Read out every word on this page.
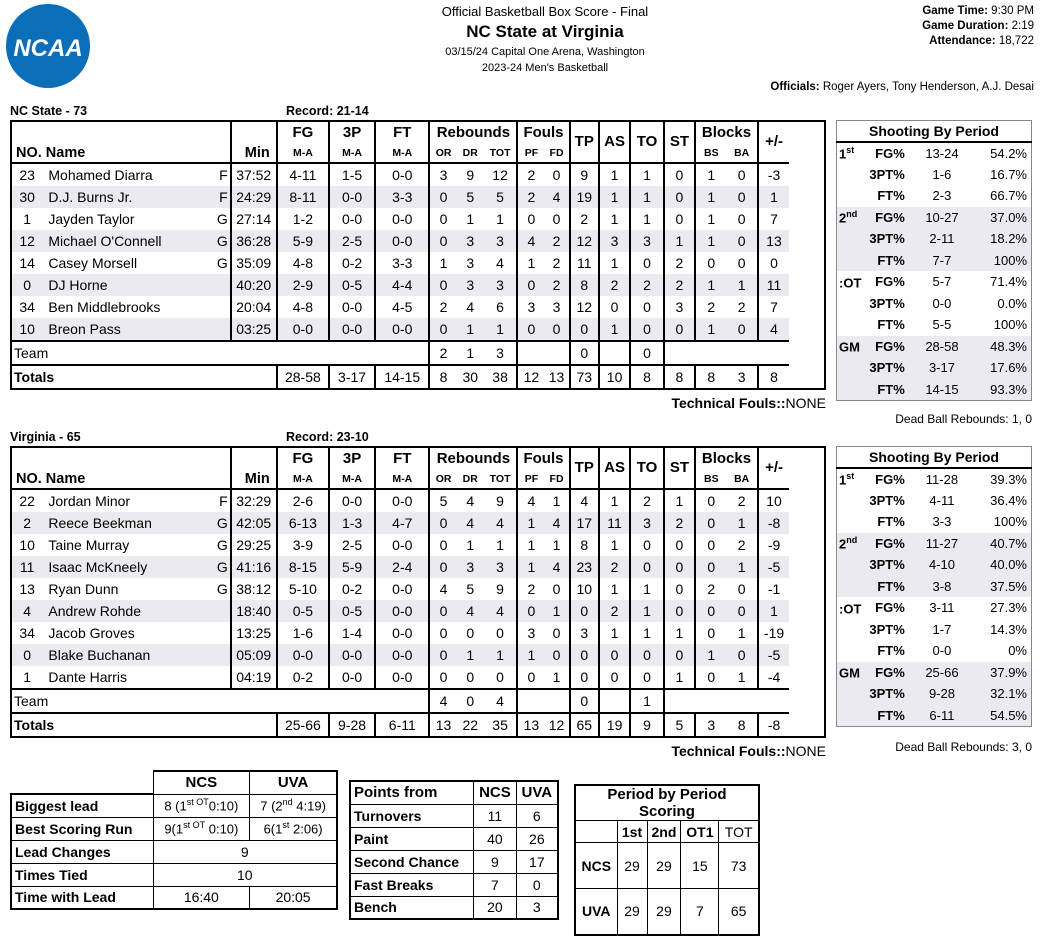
NCAA
Official Basketball Box Score - Final
NC State at Virginia
03/15/24 Capital One Arena, Washington
2023-24 Men's Basketball
Game Time: 9:30 PM
Game Duration: 2:19
Attendance: 18,722
Officials: Roger Ayers, Tony Henderson, A.J. Desai
NC State - 73	Record: 21-14
			FG	3P	FT	Rebounds			Fouls		TP	AS	TO	ST	Blocks		+/-
NO. Name		Min	M-A	M-A	M-A	OR	DR	TOT	PF	FD					BS	BA	
23	Mohamed Diarra F	37:52	4-11	1-5	0-0	3	9	12	2	0	9	1	1	0	1	0	-3
30	D.J. Burns Jr. F	24:29	8-11	0-0	3-3	0	5	5	2	4	19	1	1	0	1	0	1
1	Jayden Taylor G	27:14	1-2	0-0	0-0	0	1	1	0	0	2	1	1	0	1	0	7
12	Michael O'Connell G	36:28	5-9	2-5	0-0	0	3	3	4	2	12	3	3	1	1	0	13
14	Casey Morsell G	35:09	4-8	0-2	3-3	1	3	4	1	2	11	1	0	2	0	0	0
0	DJ Horne	40:20	2-9	0-5	4-4	0	3	3	0	2	8	2	2	2	1	1	11
34	Ben Middlebrooks	20:04	4-8	0-0	4-5	2	4	6	3	3	12	0	0	3	2	2	7
10	Breon Pass	03:25	0-0	0-0	0-0	0	1	1	0	0	0	1	0	0	1	0	4
Team						2	1	3			0		0				
Totals			28-58	3-17	14-15	8	30	38	12	13	73	10	8	8	8	3	8
Technical Fouls::NONE
Shooting By Period			
1st	FG%	13-24	54.2%
	3PT%	1-6	16.7%
	FT%	2-3	66.7%
2nd	FG%	10-27	37.0%
	3PT%	2-11	18.2%
	FT%	7-7	100%
:OT	FG%	5-7	71.4%
	3PT%	0-0	0.0%
	FT%	5-5	100%
GM	FG%	28-58	48.3%
	3PT%	3-17	17.6%
	FT%	14-15	93.3%
Dead Ball Rebounds: 1, 0
Virginia - 65	Record: 23-10
			FG	3P	FT	Rebounds			Fouls		TP	AS	TO	ST	Blocks		+/-
NO. Name		Min	M-A	M-A	M-A	OR	DR	TOT	PF	FD					BS	BA	
22	Jordan Minor F	32:29	2-6	0-0	0-0	5	4	9	4	1	4	1	2	1	0	2	10
2	Reece Beekman G	42:05	6-13	1-3	4-7	0	4	4	1	4	17	11	3	2	0	1	-8
10	Taine Murray G	29:25	3-9	2-5	0-0	0	1	1	1	1	8	1	0	0	0	2	-9
11	Isaac McKneely G	41:16	8-15	5-9	2-4	0	3	3	1	4	23	2	0	0	0	1	-5
13	Ryan Dunn G	38:12	5-10	0-2	0-0	4	5	9	2	0	10	1	1	0	2	0	-1
4	Andrew Rohde	18:40	0-5	0-5	0-0	0	4	4	0	1	0	2	1	0	0	0	1
34	Jacob Groves	13:25	1-6	1-4	0-0	0	0	0	3	0	3	1	1	1	0	1	-19
0	Blake Buchanan	05:09	0-0	0-0	0-0	0	1	1	1	0	0	0	0	0	1	0	-5
1	Dante Harris	04:19	0-2	0-0	0-0	0	0	0	0	1	0	0	0	1	0	1	-4
Team						4	0	4			0		1				
Totals			25-66	9-28	6-11	13	22	35	13	12	65	19	9	5	3	8	-8
Technical Fouls::NONE
Shooting By Period			
1st	FG%	11-28	39.3%
	3PT%	4-11	36.4%
	FT%	3-3	100%
2nd	FG%	11-27	40.7%
	3PT%	4-10	40.0%
	FT%	3-8	37.5%
:OT	FG%	3-11	27.3%
	3PT%	1-7	14.3%
	FT%	0-0	0%
GM	FG%	25-66	37.9%
	3PT%	9-28	32.1%
	FT%	6-11	54.5%
Dead Ball Rebounds: 3, 0
	NCS	UVA
Biggest lead	8 $(1^{st OT}0:10)$	7 (2nd 4:19)
Best Scoring Run	$9(1^{st OT}$ 0:10)	6(1st 2:06)
Lead Changes	9	
Times Tied	10	
Time with Lead	16:40	20:05
Points from	NCS	UVA
Turnovers	11	6
Paint	40	26
Second Chance	9	17
Fast Breaks	7	0
Bench	20	3
Period by Period Scoring				
	1st	2nd	OT1	TOT
NCS	29	29	15	73
UVA	29	29	7	65
